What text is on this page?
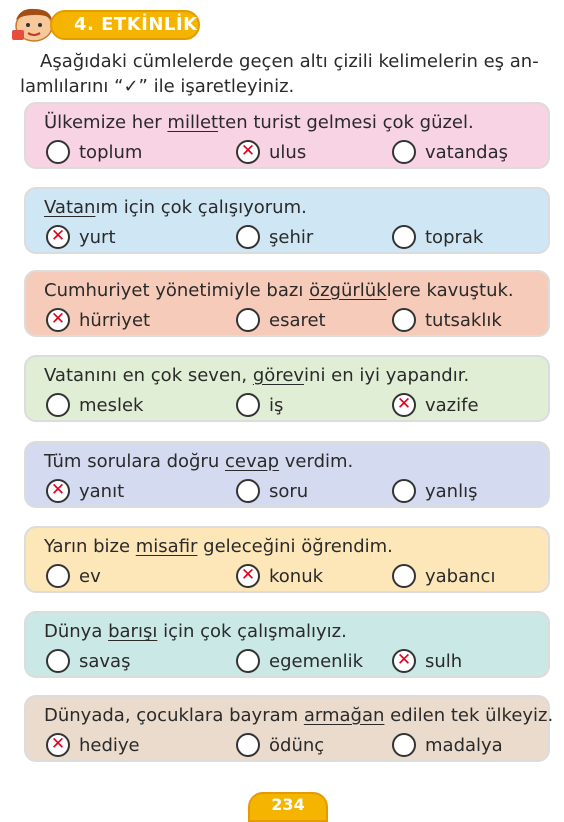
4. ETKİNLİK
Aşağıdaki cümlelerde geçen altı çizili kelimelerin eş an-
lamlılarını “✓” ile işaretleyiniz.
Ülkemize her milletten turist gelmesi çok güzel.
toplum	✕ ulus	vatandaş
Vatanım için çok çalışıyorum.
✕ yurt	şehir	toprak
Cumhuriyet yönetimiyle bazı özgürlüklere kavuştuk.
✕ hürriyet	esaret	tutsaklık
Vatanını en çok seven, görevini en iyi yapandır.
meslek	iş	✕ vazife
Tüm sorulara doğru cevap verdim.
✕ yanıt	soru	yanlış
Yarın bize misafir geleceğini öğrendim.
ev	✕ konuk	yabancı
Dünya barışı için çok çalışmalıyız.
savaş	egemenlik ✕ sulh
Dünyada, çocuklara bayram armağan edilen tek ülkeyiz.
✕ hediye	ödünç	madalya
234
